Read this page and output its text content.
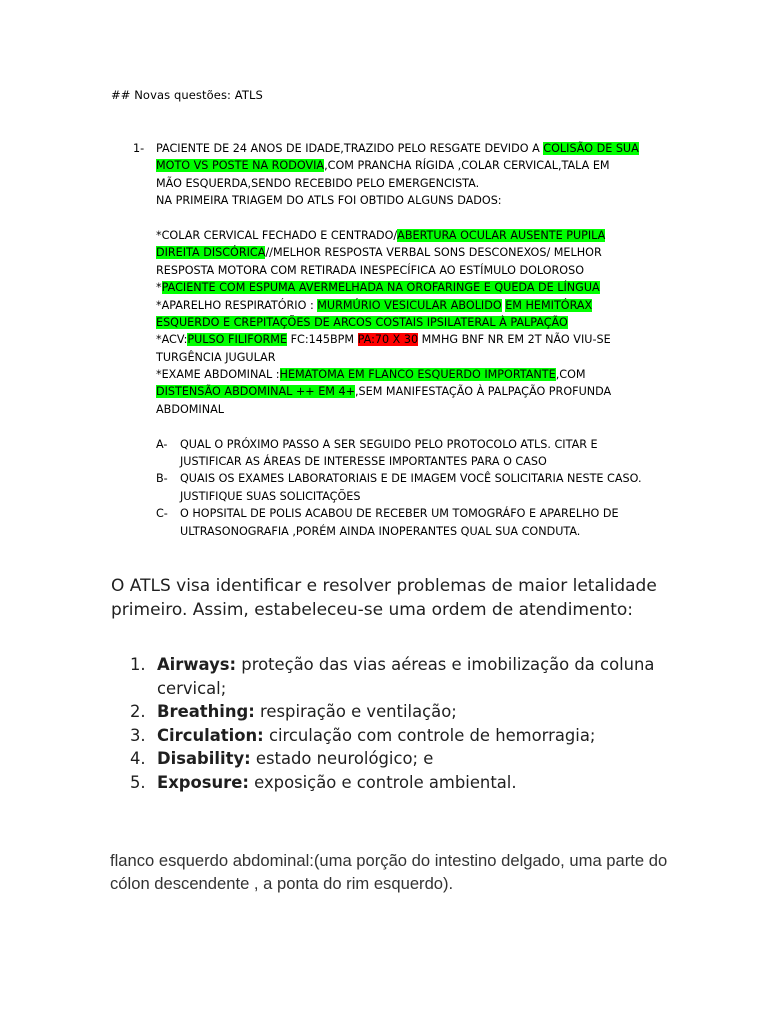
## Novas questões: ATLS
1- PACIENTE DE 24 ANOS DE IDADE,TRAZIDO PELO RESGATE DEVIDO A COLISÃO DE SUA
MOTO VS POSTE NA RODOVIA,COM PRANCHA RÍGIDA ,COLAR CERVICAL,TALA EM
MÃO ESQUERDA,SENDO RECEBIDO PELO EMERGENCISTA.
NA PRIMEIRA TRIAGEM DO ATLS FOI OBTIDO ALGUNS DADOS:

*COLAR CERVICAL FECHADO E CENTRADO/ABERTURA OCULAR AUSENTE PUPILA
DIREITA DISCÓRICA//MELHOR RESPOSTA VERBAL SONS DESCONEXOS/ MELHOR
RESPOSTA MOTORA COM RETIRADA INESPECÍFICA AO ESTÍMULO DOLOROSO
*PACIENTE COM ESPUMA AVERMELHADA NA OROFARINGE E QUEDA DE LÍNGUA
*APARELHO RESPIRATÓRIO : MURMÚRIO VESICULAR ABOLIDO EM HEMITÓRAX
ESQUERDO E CREPITAÇÕES DE ARCOS COSTAIS IPSILATERAL À PALPAÇÃO
*ACV:PULSO FILIFORME FC:145BPM PA:70 X 30 MMHG BNF NR EM 2T NÃO VIU-SE
TURGÊNCIA JUGULAR
*EXAME ABDOMINAL :HEMATOMA EM FLANCO ESQUERDO IMPORTANTE,COM
DISTENSÃO ABDOMINAL ++ EM 4+,SEM MANIFESTAÇÃO À PALPAÇÃO PROFUNDA
ABDOMINAL
A- QUAL O PRÓXIMO PASSO A SER SEGUIDO PELO PROTOCOLO ATLS. CITAR E
JUSTIFICAR AS ÁREAS DE INTERESSE IMPORTANTES PARA O CASO
B- QUAIS OS EXAMES LABORATORIAIS E DE IMAGEM VOCÊ SOLICITARIA NESTE CASO.
JUSTIFIQUE SUAS SOLICITAÇÕES
C- O HOPSITAL DE POLIS ACABOU DE RECEBER UM TOMOGRÁFO E APARELHO DE
ULTRASONOGRAFIA ,PORÉM AINDA INOPERANTES QUAL SUA CONDUTA.
O ATLS visa identificar e resolver problemas de maior letalidade primeiro. Assim, estabeleceu-se uma ordem de atendimento:
1. Airways: proteção das vias aéreas e imobilização da coluna cervical;
2. Breathing: respiração e ventilação;
3. Circulation: circulação com controle de hemorragia;
4. Disability: estado neurológico; e
5. Exposure: exposição e controle ambiental.
flanco esquerdo abdominal:(uma porção do intestino delgado, uma parte do cólon descendente , a ponta do rim esquerdo).
